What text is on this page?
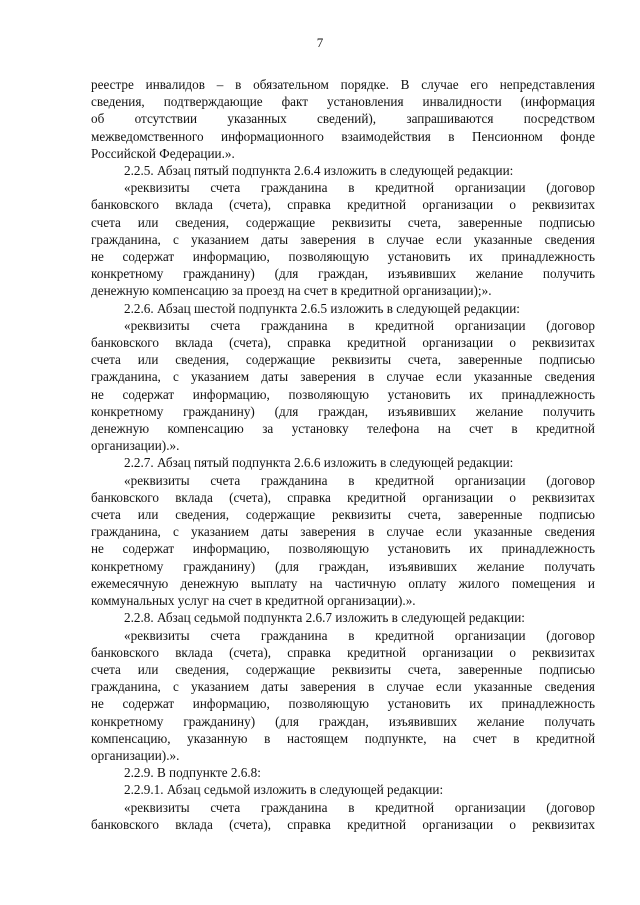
7
реестре инвалидов – в обязательном порядке. В случае его непредставления
сведения, подтверждающие факт установления инвалидности (информация
об отсутствии указанных сведений), запрашиваются посредством
межведомственного информационного взаимодействия в Пенсионном фонде
Российской Федерации.».
2.2.5. Абзац пятый подпункта 2.6.4 изложить в следующей редакции:
«реквизиты счета гражданина в кредитной организации (договор
банковского вклада (счета), справка кредитной организации о реквизитах
счета или сведения, содержащие реквизиты счета, заверенные подписью
гражданина, с указанием даты заверения в случае если указанные сведения
не содержат информацию, позволяющую установить их принадлежность
конкретному гражданину) (для граждан, изъявивших желание получить
денежную компенсацию за проезд на счет в кредитной организации);».
2.2.6. Абзац шестой подпункта 2.6.5 изложить в следующей редакции:
«реквизиты счета гражданина в кредитной организации (договор
банковского вклада (счета), справка кредитной организации о реквизитах
счета или сведения, содержащие реквизиты счета, заверенные подписью
гражданина, с указанием даты заверения в случае если указанные сведения
не содержат информацию, позволяющую установить их принадлежность
конкретному гражданину) (для граждан, изъявивших желание получить
денежную компенсацию за установку телефона на счет в кредитной
организации).».
2.2.7. Абзац пятый подпункта 2.6.6 изложить в следующей редакции:
«реквизиты счета гражданина в кредитной организации (договор
банковского вклада (счета), справка кредитной организации о реквизитах
счета или сведения, содержащие реквизиты счета, заверенные подписью
гражданина, с указанием даты заверения в случае если указанные сведения
не содержат информацию, позволяющую установить их принадлежность
конкретному гражданину) (для граждан, изъявивших желание получать
ежемесячную денежную выплату на частичную оплату жилого помещения и
коммунальных услуг на счет в кредитной организации).».
2.2.8. Абзац седьмой подпункта 2.6.7 изложить в следующей редакции:
«реквизиты счета гражданина в кредитной организации (договор
банковского вклада (счета), справка кредитной организации о реквизитах
счета или сведения, содержащие реквизиты счета, заверенные подписью
гражданина, с указанием даты заверения в случае если указанные сведения
не содержат информацию, позволяющую установить их принадлежность
конкретному гражданину) (для граждан, изъявивших желание получать
компенсацию, указанную в настоящем подпункте, на счет в кредитной
организации).».
2.2.9. В подпункте 2.6.8:
2.2.9.1. Абзац седьмой изложить в следующей редакции:
«реквизиты счета гражданина в кредитной организации (договор
банковского вклада (счета), справка кредитной организации о реквизитах
